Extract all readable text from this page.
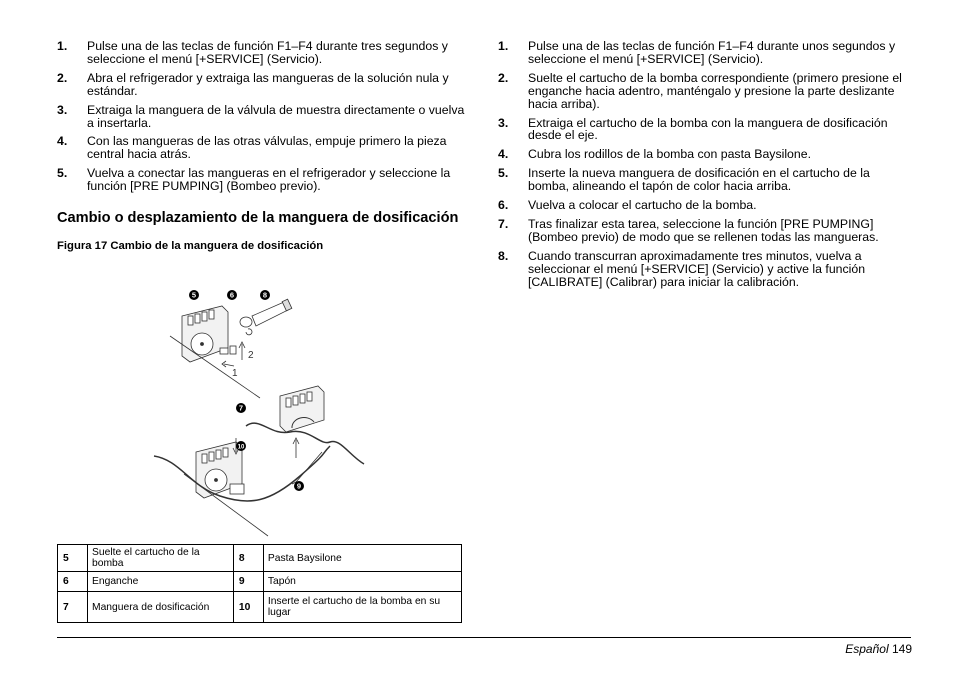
1. Pulse una de las teclas de función F1–F4 durante tres segundos y seleccione el menú [+SERVICE] (Servicio).
2. Abra el refrigerador y extraiga las mangueras de la solución nula y estándar.
3. Extraiga la manguera de la válvula de muestra directamente o vuelva a insertarla.
4. Con las mangueras de las otras válvulas, empuje primero la pieza central hacia atrás.
5. Vuelva a conectar las mangueras en el refrigerador y seleccione la función [PRE PUMPING] (Bombeo previo).
Cambio o desplazamiento de la manguera de dosificación
Figura 17 Cambio de la manguera de dosificación
5	6	8
7
10
9
2
1
5	Suelte el cartucho de la bomba	8	Pasta Baysilone
6	Enganche	9	Tapón
7	Manguera de dosificación	10	Inserte el cartucho de la bomba en su lugar
1. Pulse una de las teclas de función F1–F4 durante unos segundos y seleccione el menú [+SERVICE] (Servicio).
2. Suelte el cartucho de la bomba correspondiente (primero presione el enganche hacia adentro, manténgalo y presione la parte deslizante hacia arriba).
3. Extraiga el cartucho de la bomba con la manguera de dosificación desde el eje.
4. Cubra los rodillos de la bomba con pasta Baysilone.
5. Inserte la nueva manguera de dosificación en el cartucho de la bomba, alineando el tapón de color hacia arriba.
6. Vuelva a colocar el cartucho de la bomba.
7. Tras finalizar esta tarea, seleccione la función [PRE PUMPING] (Bombeo previo) de modo que se rellenen todas las mangueras.
8. Cuando transcurran aproximadamente tres minutos, vuelva a seleccionar el menú [+SERVICE] (Servicio) y active la función [CALIBRATE] (Calibrar) para iniciar la calibración.
Español 149
